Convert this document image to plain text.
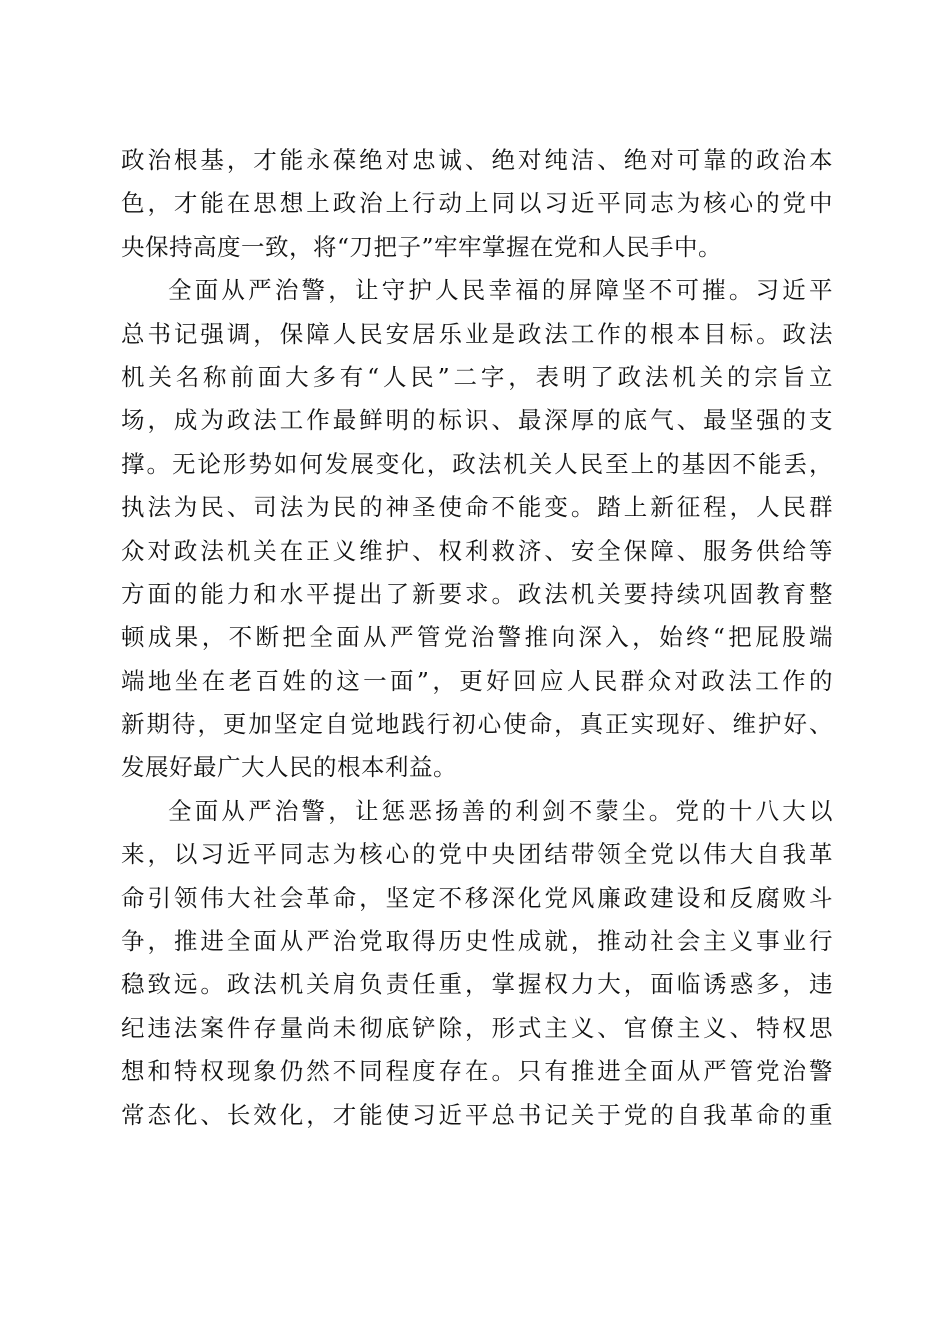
政治根基，才能永葆绝对忠诚、绝对纯洁、绝对可靠的政治本
色，才能在思想上政治上行动上同以习近平同志为核心的党中
央保持高度一致，将“刀把子”牢牢掌握在党和人民手中。
全面从严治警，让守护人民幸福的屏障坚不可摧。习近平
总书记强调，保障人民安居乐业是政法工作的根本目标。政法
机关名称前面大多有“人民”二字，表明了政法机关的宗旨立
场，成为政法工作最鲜明的标识、最深厚的底气、最坚强的支
撑。无论形势如何发展变化，政法机关人民至上的基因不能丢，
执法为民、司法为民的神圣使命不能变。踏上新征程，人民群
众对政法机关在正义维护、权利救济、安全保障、服务供给等
方面的能力和水平提出了新要求。政法机关要持续巩固教育整
顿成果，不断把全面从严管党治警推向深入，始终“把屁股端
端地坐在老百姓的这一面”，更好回应人民群众对政法工作的
新期待，更加坚定自觉地践行初心使命，真正实现好、维护好、
发展好最广大人民的根本利益。
全面从严治警，让惩恶扬善的利剑不蒙尘。党的十八大以
来，以习近平同志为核心的党中央团结带领全党以伟大自我革
命引领伟大社会革命，坚定不移深化党风廉政建设和反腐败斗
争，推进全面从严治党取得历史性成就，推动社会主义事业行
稳致远。政法机关肩负责任重，掌握权力大，面临诱惑多，违
纪违法案件存量尚未彻底铲除，形式主义、官僚主义、特权思
想和特权现象仍然不同程度存在。只有推进全面从严管党治警
常态化、长效化，才能使习近平总书记关于党的自我革命的重
